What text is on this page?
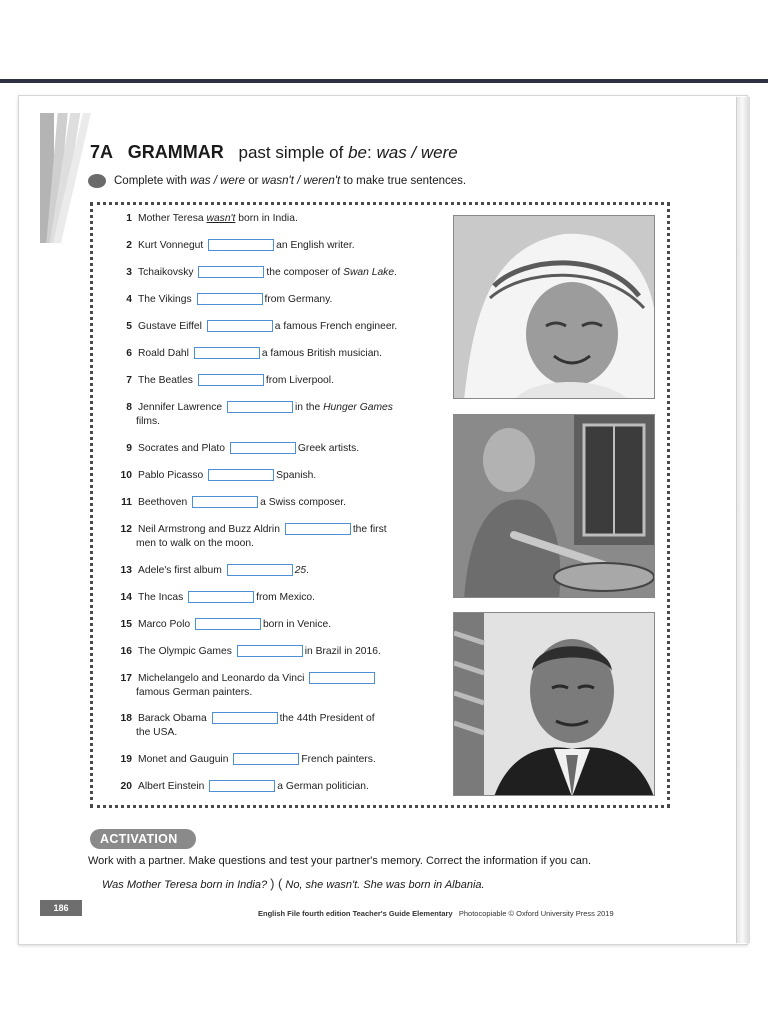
7A GRAMMAR past simple of be: was / were
Complete with was / were or wasn't / weren't to make true sentences.
1 Mother Teresa wasn't born in India.
2 Kurt Vonnegut	an English writer.
3 Tchaikovsky	the composer of Swan Lake.
4 The Vikings	from Germany.
5 Gustave Eiffel	a famous French engineer.
6 Roald Dahl	a famous British musician.
7 The Beatles	from Liverpool.
8 Jennifer Lawrence	in the Hunger Games
films.
9 Socrates and Plato	Greek artists.
10 Pablo Picasso	Spanish.
11 Beethoven	a Swiss composer.
12 Neil Armstrong and Buzz Aldrin	the first
men to walk on the moon.
13 Adele's first album	25.
14 The Incas	from Mexico.
15 Marco Polo	born in Venice.
16 The Olympic Games	in Brazil in 2016.
17 Michelangelo and Leonardo da Vinci
famous German painters.
18 Barack Obama	the 44th President of
the USA.
19 Monet and Gauguin	French painters.
20 Albert Einstein	a German politician.
ACTIVATION
Work with a partner. Make questions and test your partner's memory. Correct the information if you can.
Was Mother Teresa born in India? ) ( No, she wasn't. She was born in Albania.
186
English File fourth edition Teacher's Guide Elementary Photocopiable © Oxford University Press 2019
